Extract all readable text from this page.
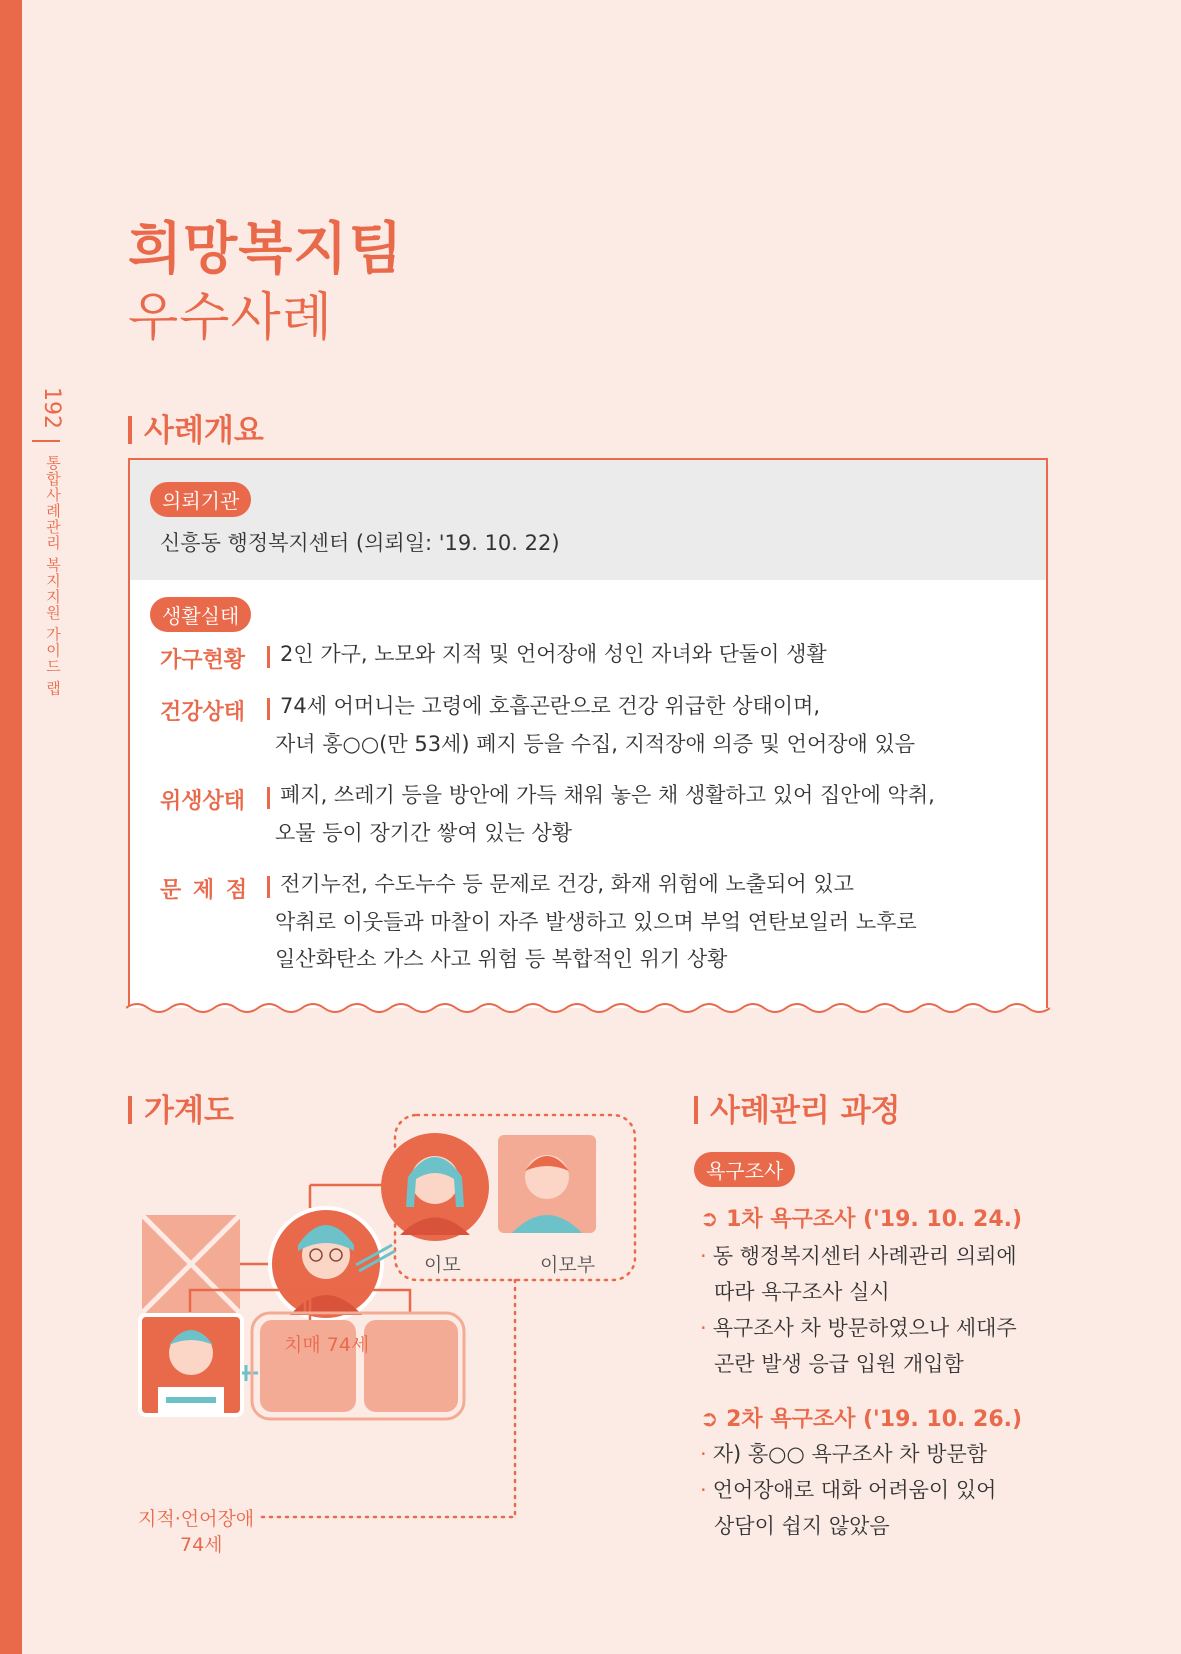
192
통합사례관리 복지지원 가이드 랩
희망복지팀
우수사례
사례개요
의뢰기관
신흥동 행정복지센터 (의뢰일: '19. 10. 22)
생활실태
가구현황 2인 가구, 노모와 지적 및 언어장애 성인 자녀와 단둘이 생활
건강상태 74세 어머니는 고령에 호흡곤란으로 건강 위급한 상태이며,
자녀 홍○○(만 53세) 폐지 등을 수집, 지적장애 의증 및 언어장애 있음
위생상태 폐지, 쓰레기 등을 방안에 가득 채워 놓은 채 생활하고 있어 집안에 악취,
오물 등이 장기간 쌓여 있는 상황
문 제 점 전기누전, 수도누수 등 문제로 건강, 화재 위험에 노출되어 있고
악취로 이웃들과 마찰이 자주 발생하고 있으며 부엌 연탄보일러 노후로
일산화탄소 가스 사고 위험 등 복합적인 위기 상황
가계도
이모	이모부
치매 74세
지적·언어장애
74세
사례관리 과정
욕구조사
➲ 1차 욕구조사 ('19. 10. 24.)
· 동 행정복지센터 사례관리 의뢰에
따라 욕구조사 실시
· 욕구조사 차 방문하였으나 세대주
곤란 발생 응급 입원 개입함
➲ 2차 욕구조사 ('19. 10. 26.)
· 자) 홍○○ 욕구조사 차 방문함
· 언어장애로 대화 어려움이 있어
상담이 쉽지 않았음
